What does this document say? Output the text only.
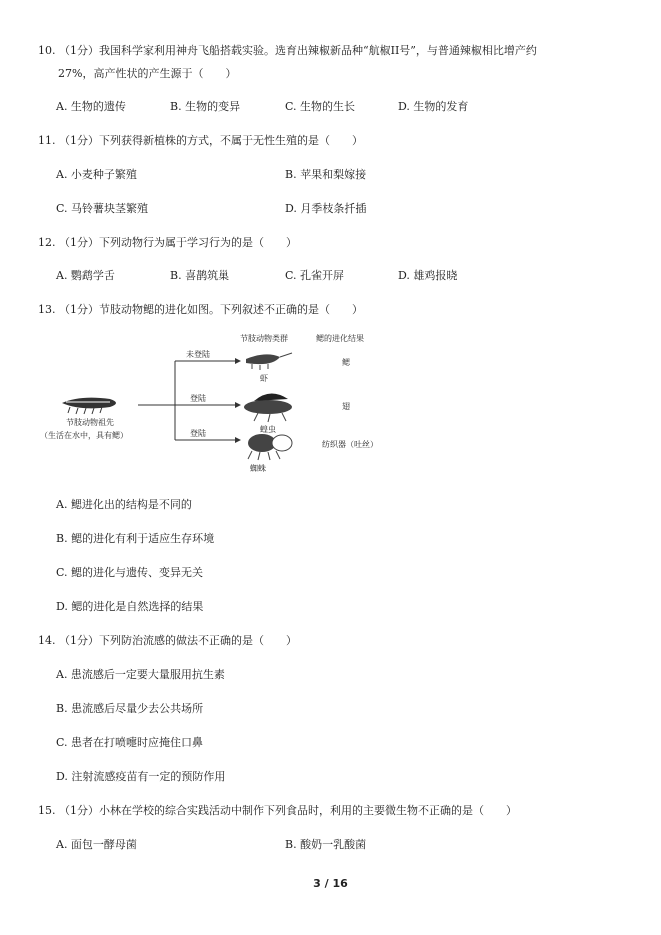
10. （1分）我国科学家利用神舟飞船搭载实验。选育出辣椒新品种“航椒II号”，与普通辣椒相比增产约
27%，高产性状的产生源于（　　）
A. 生物的遗传	B. 生物的变异	C. 生物的生长	D. 生物的发育
11. （1分）下列获得新植株的方式，不属于无性生殖的是（　　）
A. 小麦种子繁殖	B. 苹果和梨嫁接
C. 马铃薯块茎繁殖	D. 月季枝条扦插
12. （1分）下列动物行为属于学习行为的是（　　）
A. 鹦鹉学舌	B. 喜鹊筑巢	C. 孔雀开屏	D. 雄鸡报晓
13. （1分）节肢动物鳃的进化如图。下列叙述不正确的是（　　）
节肢动物类群	鳃的进化结果
节肢动物祖先
（生活在水中，具有鳃）
未登陆
登陆
登陆
虾
鳃
蝗虫
翅
蜘蛛
纺织器（吐丝）
A. 鳃进化出的结构是不同的
B. 鳃的进化有利于适应生存环境
C. 鳃的进化与遗传、变异无关
D. 鳃的进化是自然选择的结果
14. （1分）下列防治流感的做法不正确的是（　　）
A. 患流感后一定要大量服用抗生素
B. 患流感后尽量少去公共场所
C. 患者在打喷嚏时应掩住口鼻
D. 注射流感疫苗有一定的预防作用
15. （1分）小林在学校的综合实践活动中制作下列食品时，利用的主要微生物不正确的是（　　）
A. 面包一酵母菌	B. 酸奶一乳酸菌
3 / 16
